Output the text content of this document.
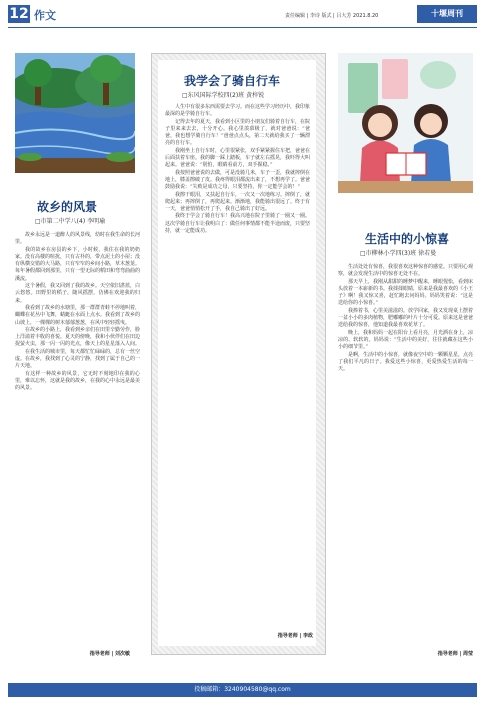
12 作文	责任编辑 | 李诗 版式 | 吕大芳 2021.8.20	十堰周刊
故乡的风景
□市第二中学八(4) 李明瑜

故乡永远是一道醉人的风景线，幼时在我生命的长河里。

我的故乡在房县的乡下，小时候，我住在我的奶奶家。没有高楼的喧扰，只有古朴的，带点泥土的小屋；没有纵横交错的大马路，只有窄窄的乡间小路，草木葱茏。每年暑假都回到那里，只有一望无际的稻田和弯弯曲曲的溪流。

这个暑假，我又回到了我的故乡。天空依旧湛蓝，白云悠悠。田野里的稻子，随风摇摆，仿佛在欢迎我的归来。

我看到了故乡的水塘里，那一群群青蛙不停地叫着，蝴蝶在花丛中飞舞，蜻蜓在水面上点水。我看到了故乡的山坡上，一棵棵的树木郁郁葱葱，在风中轻轻摇曳。

在故乡的小路上，我看到乡亲们在田里辛勤劳作，脸上洋溢着丰收的喜悦。夏天的傍晚，我和小伙伴们在田边捉萤火虫，那一闪一闪的光点，像天上的星星落入人间。

在我生活的城市里，每天都忙忙碌碌的，总有一丝空虚。在故乡，我找到了心灵的宁静，找到了属于自己的一片天地。

有这样一种故乡的风景，它无时不刻地印在我的心里，难以忘怀，这就是我的故乡，在我的心中永远是最美的风景。

指导老师 | 刘次敏
我学会了骑自行车
□东风国际学校四(2)班 黄梓锐

人生中有很多东西需要去学习。而在这些学习经历中，我印象最深的是学骑自行车。

记得去年的夏天，我看到小区里的小朋友们骑着自行车，在院子里来来去去，十分开心。我心里羡慕极了，就对爸爸说：“爸爸，我也想学骑自行车！”爸爸点点头，第二天就给我买了一辆漂亮的自行车。

我刚坐上自行车时，心里很紧张，双手紧紧握住车把，爸爸在后面扶着车座。我的脚一踩上踏板，车子就左右摇晃，我吓得大叫起来。爸爸说：“别怕，眼睛看前方，双手握稳。”

我按照爸爸说的去做，可是没骑几米，车子一歪，我就摔倒在地上，膝盖擦破了皮。我疼得眼泪都流出来了，不想再学了。爸爸鼓励我说：“失败是成功之母，只要坚持，你一定能学会的！”

我擦干眼泪，又扶起自行车，一次又一次地练习。摔倒了，就爬起来；再摔倒了，再爬起来。渐渐地，我能骑出很远了。终于有一天，爸爸悄悄松开了手，我自己骑出了好远。

我终于学会了骑自行车！我高兴地在院子里骑了一圈又一圈。这次学骑自行车让我明白了：做任何事情都不能半途而废，只要坚持，就一定能成功。

指导老师 | 李政
生活中的小惊喜
□市柳林小学四(3)班 徐若曼

生活处处有惊喜，我很喜欢这种惊喜的感觉。只要用心观察，就会发现生活中的惊喜无处不在。

那天早上，我刚从甜甜的睡梦中醒来，睡眼惺忪，看到床头放着一本崭新的书。我揉揉眼睛，原来是我最喜欢的《小王子》啊！我又惊又喜，赶忙跑去问妈妈。妈妈笑着说：“这是送给你的小惊喜。”

我捧着书，心里美滋滋的。放学回家，我又发现桌上摆着一盆小小的多肉植物，肥嘟嘟的叶片十分可爱。原来这是爸爸送给我的惊喜，他知道我最喜欢花草了。

晚上，我和妈妈一起在阳台上看月亮，月光洒在身上，凉凉的、软软的。妈妈说：“生活中的美好，往往就藏在这些小小的细节里。”

是啊，生活中的小惊喜，就像夜空中的一颗颗星星，点亮了我们平凡的日子。我爱这些小惊喜，更爱热爱生活的每一天。

指导老师 | 周莹
投稿邮箱：3240904580@qq.com
